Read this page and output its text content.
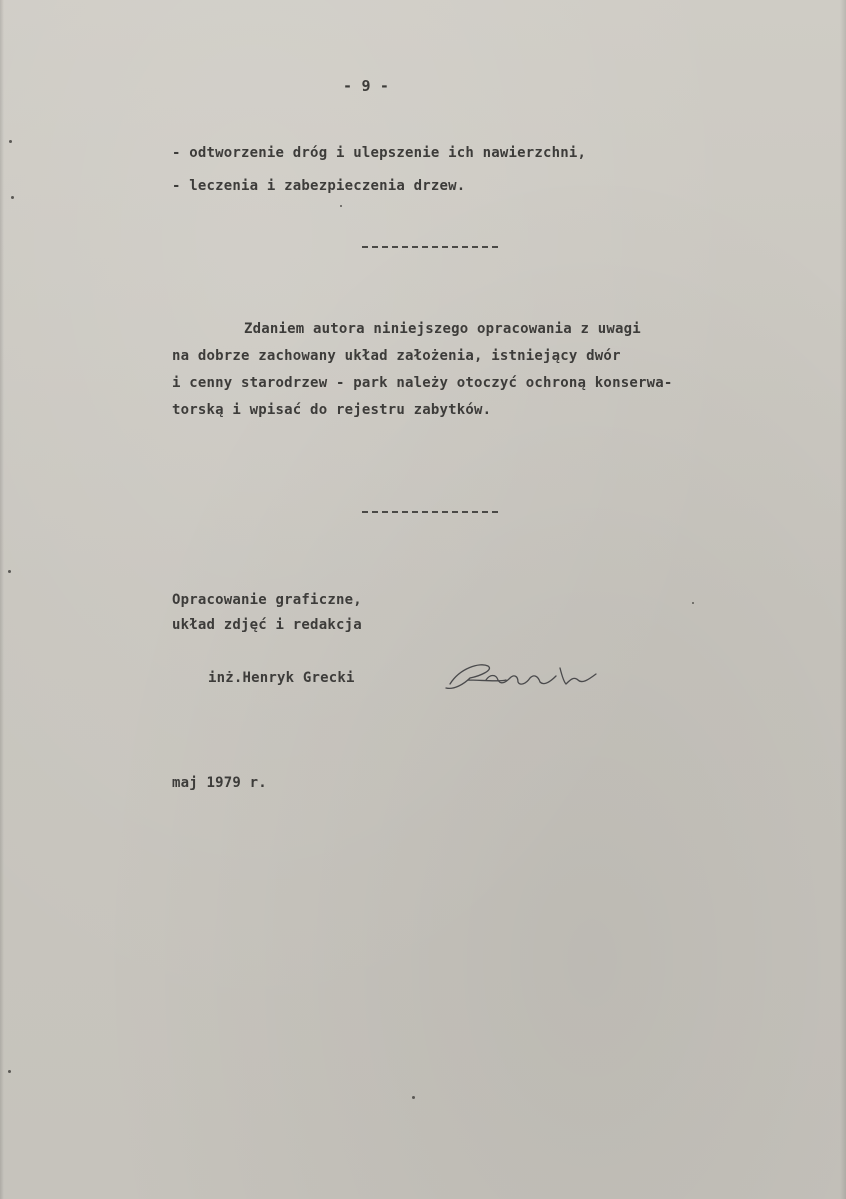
- 9 -
- odtworzenie dróg i ulepszenie ich nawierzchni,
- leczenia i zabezpieczenia drzew.
Zdaniem autora niniejszego opracowania z uwagi
na dobrze zachowany układ założenia, istniejący dwór
i cenny starodrzew - park należy otoczyć ochroną konserwa-
torską i wpisać do rejestru zabytków.
Opracowanie graficzne,
układ zdjęć i redakcja
inż.Henryk Grecki
maj 1979 r.
